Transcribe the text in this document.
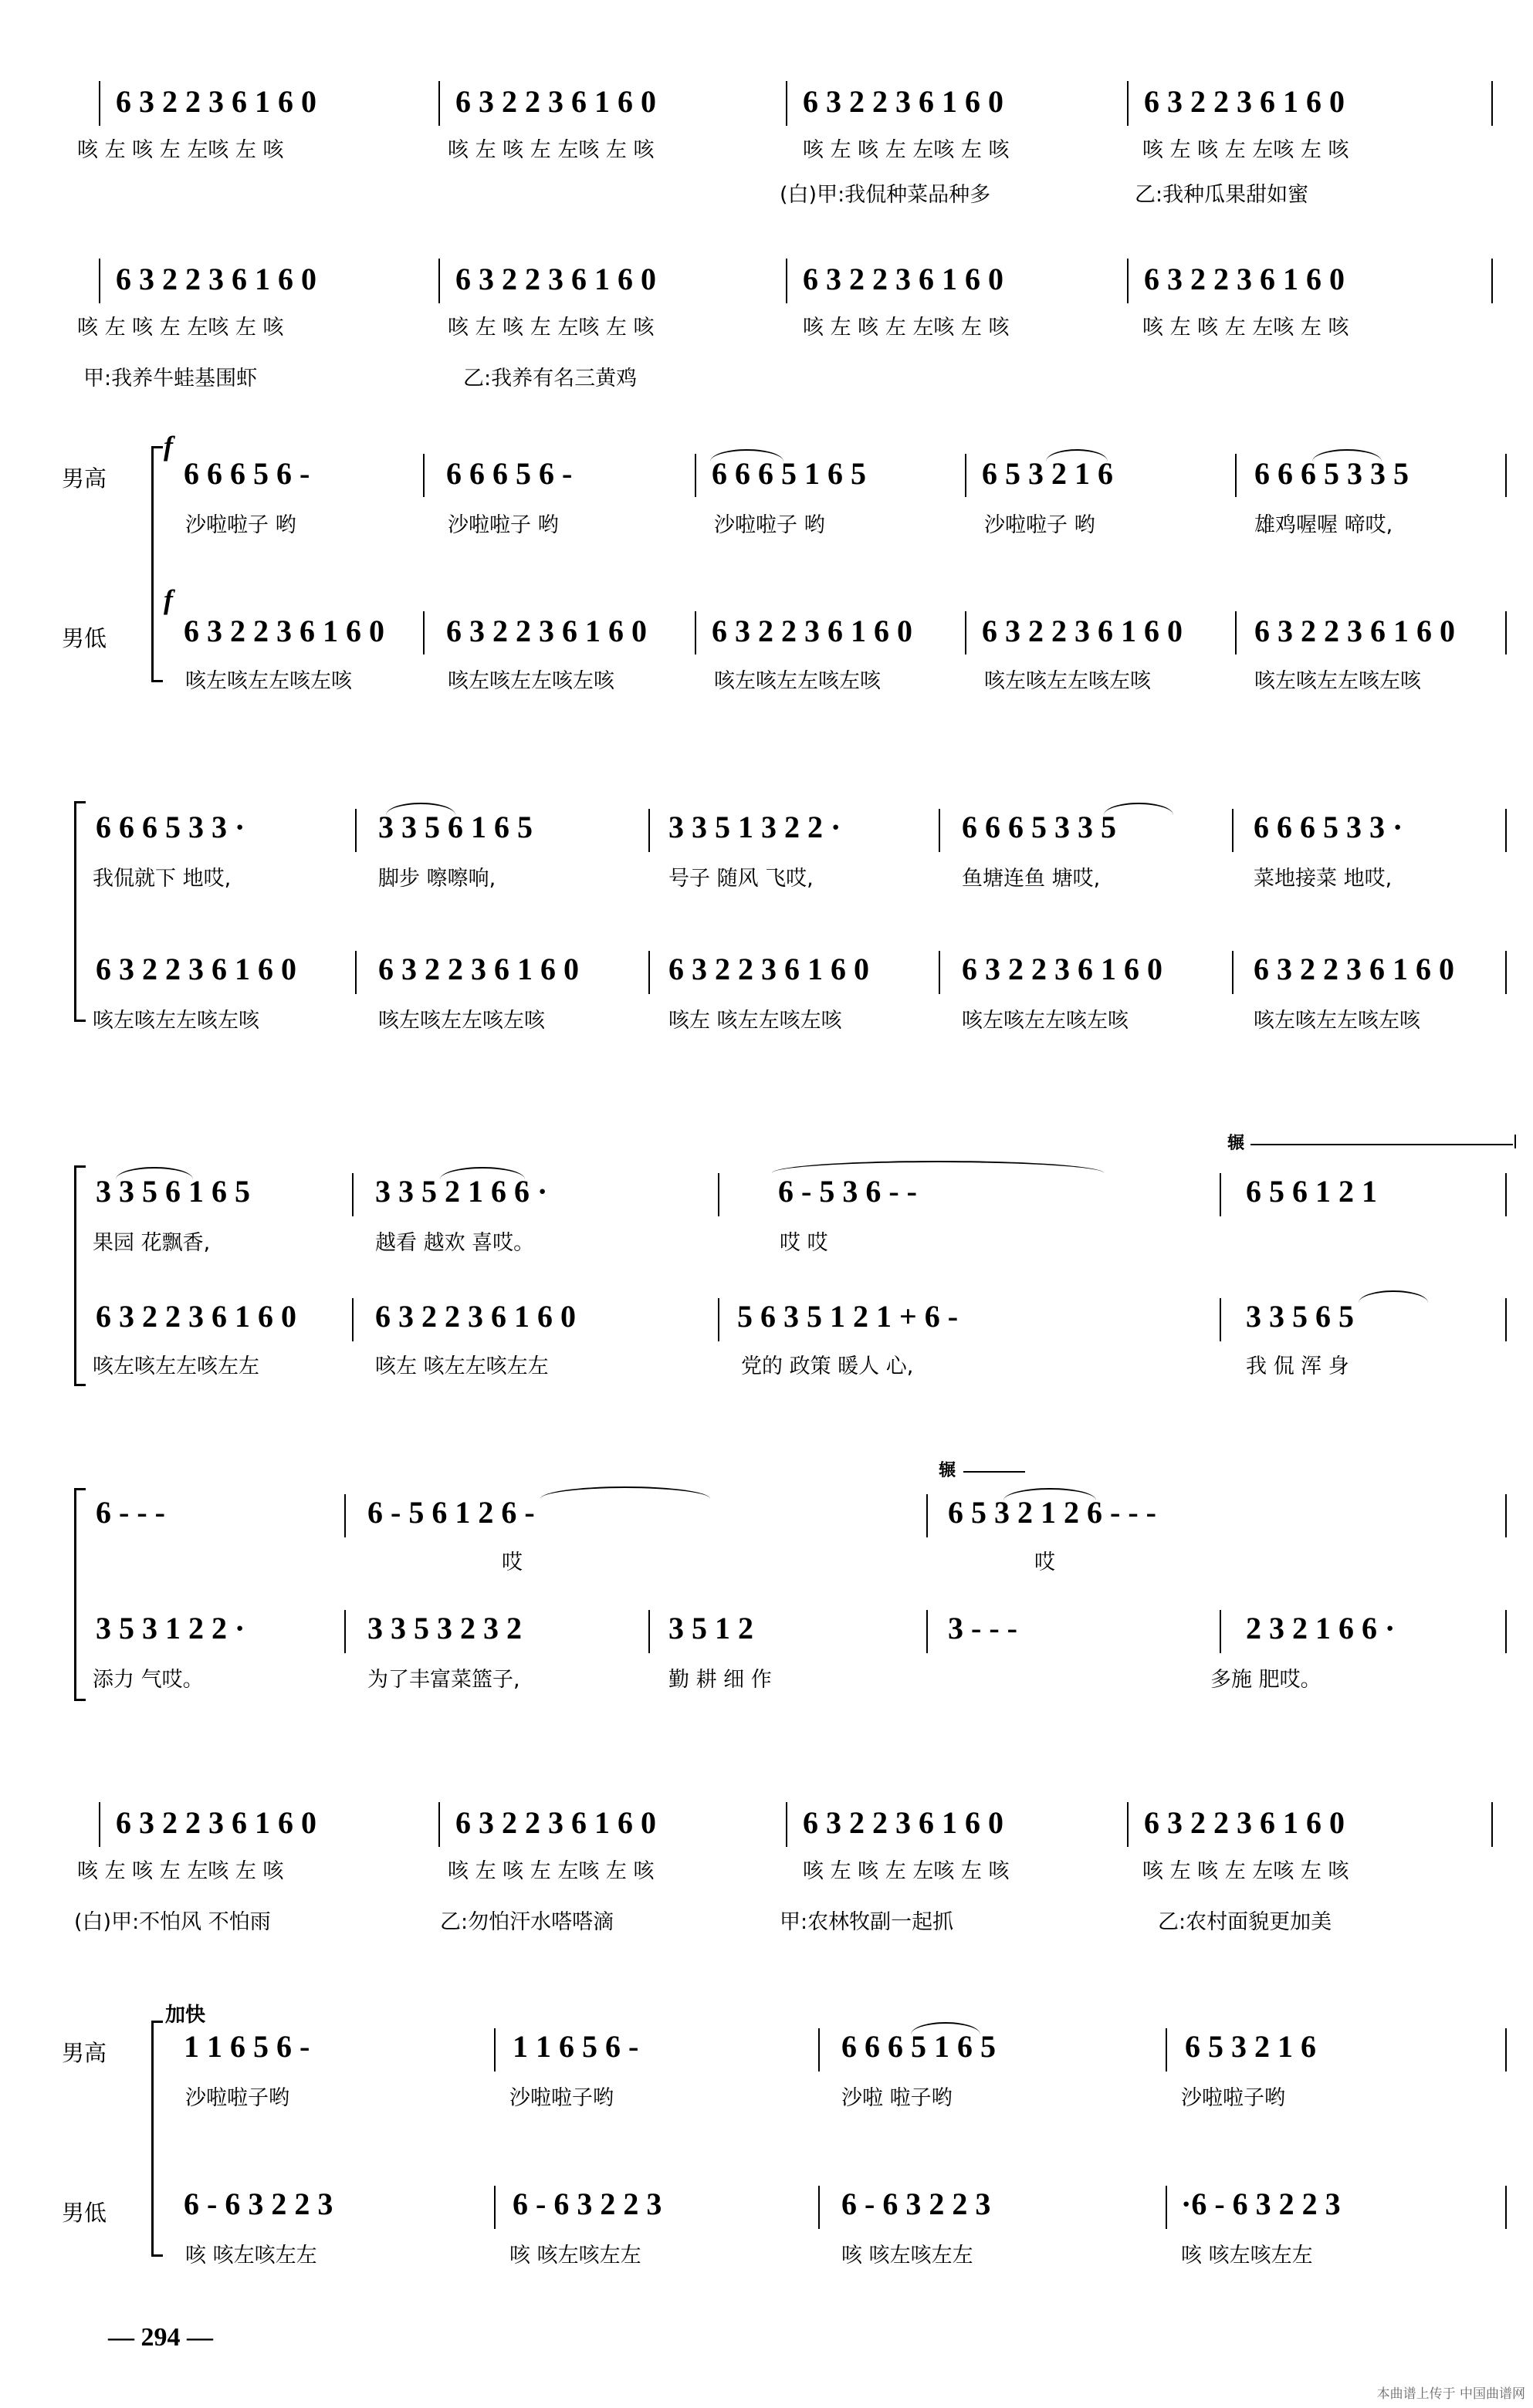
6 3 2 2 3 6 1 6 0	6 3 2 2 3 6 1 6 0	6 3 2 2 3 6 1 6 0	6 3 2 2 3 6 1 6 0
咳 左 咳 左 左咳 左 咳	咳 左 咳 左 左咳 左 咳	咳 左 咳 左 左咳 左 咳	咳 左 咳 左 左咳 左 咳
(白)甲:我侃种菜品种多	乙:我种瓜果甜如蜜
6 3 2 2 3 6 1 6 0	6 3 2 2 3 6 1 6 0	6 3 2 2 3 6 1 6 0	6 3 2 2 3 6 1 6 0
咳 左 咳 左 左咳 左 咳	咳 左 咳 左 左咳 左 咳	咳 左 咳 左 左咳 左 咳	咳 左 咳 左 左咳 左 咳
甲:我养牛蛙基围虾	乙:我养有名三黄鸡
男高
男低
f
f
6 6 6 5 6 -	6 6 6 5 6 -	6 6 6 5 1 6 5	6 5 3 2 1 6	6 6 6 5 3 3 5
沙啦啦子 哟	沙啦啦子 哟	沙啦啦子 哟	沙啦啦子 哟	雄鸡喔喔 啼哎,
6 3 2 2 3 6 1 6 0 6 3 2 2 3 6 1 6 0 6 3 2 2 3 6 1 6 0 6 3 2 2 3 6 1 6 0 6 3 2 2 3 6 1 6 0
咳左咳左左咳左咳	咳左咳左左咳左咳	咳左咳左左咳左咳	咳左咳左左咳左咳	咳左咳左左咳左咳
6 6 6 5 3 3 ·	3 3 5 6 1 6 5	3 3 5 1 3 2 2 ·	6 6 6 5 3 3 5	6 6 6 5 3 3 ·
我侃就下 地哎,	脚步 嚓嚓响,	号子 随风 飞哎,	鱼塘连鱼 塘哎,	菜地接菜 地哎,
6 3 2 2 3 6 1 6 0	6 3 2 2 3 6 1 6 0	6 3 2 2 3 6 1 6 0	6 3 2 2 3 6 1 6 0	6 3 2 2 3 6 1 6 0
咳左咳左左咳左咳	咳左咳左左咳左咳	咳左 咳左左咳左咳	咳左咳左左咳左咳	咳左咳左左咳左咳
辗
3 3 5 6 1 6 5	3 3 5 2 1 6 6 ·	6 - 5 3 6 - -	6 5 6 1 2 1
果园 花飘香,	越看 越欢 喜哎。	哎 哎
6 3 2 2 3 6 1 6 0	6 3 2 2 3 6 1 6 0	5 6 3 5 1 2 1 + 6 -	3 3 5 6 5
咳左咳左左咳左左	咳左 咳左左咳左左	党的 政策 暖人 心,	我 侃 浑 身
辗
6 - - -	6 - 5 6 1 2 6 -	6 5 3 2 1 2 6 - - -
哎	哎
3 5 3 1 2 2 ·	3 3 5 3 2 3 2	3 5 1 2	3 - - -	2 3 2 1 6 6 ·
添力 气哎。	为了丰富菜篮子,	勤 耕 细 作	多施 肥哎。
6 3 2 2 3 6 1 6 0	6 3 2 2 3 6 1 6 0	6 3 2 2 3 6 1 6 0	6 3 2 2 3 6 1 6 0
咳 左 咳 左 左咳 左 咳	咳 左 咳 左 左咳 左 咳	咳 左 咳 左 左咳 左 咳	咳 左 咳 左 左咳 左 咳
(白)甲:不怕风 不怕雨	乙:勿怕汗水嗒嗒滴	甲:农林牧副一起抓	乙:农村面貌更加美
男高
男低
加快
1 1 6 5 6 -	1 1 6 5 6 -	6 6 6 5 1 6 5	6 5 3 2 1 6
沙啦啦子哟	沙啦啦子哟	沙啦 啦子哟	沙啦啦子哟
6 - 6 3 2 2 3	6 - 6 3 2 2 3	6 - 6 3 2 2 3	·6 - 6 3 2 2 3
咳 咳左咳左左	咳 咳左咳左左	咳 咳左咳左左	咳 咳左咳左左
— 294 —
本曲谱上传于 中国曲谱网
